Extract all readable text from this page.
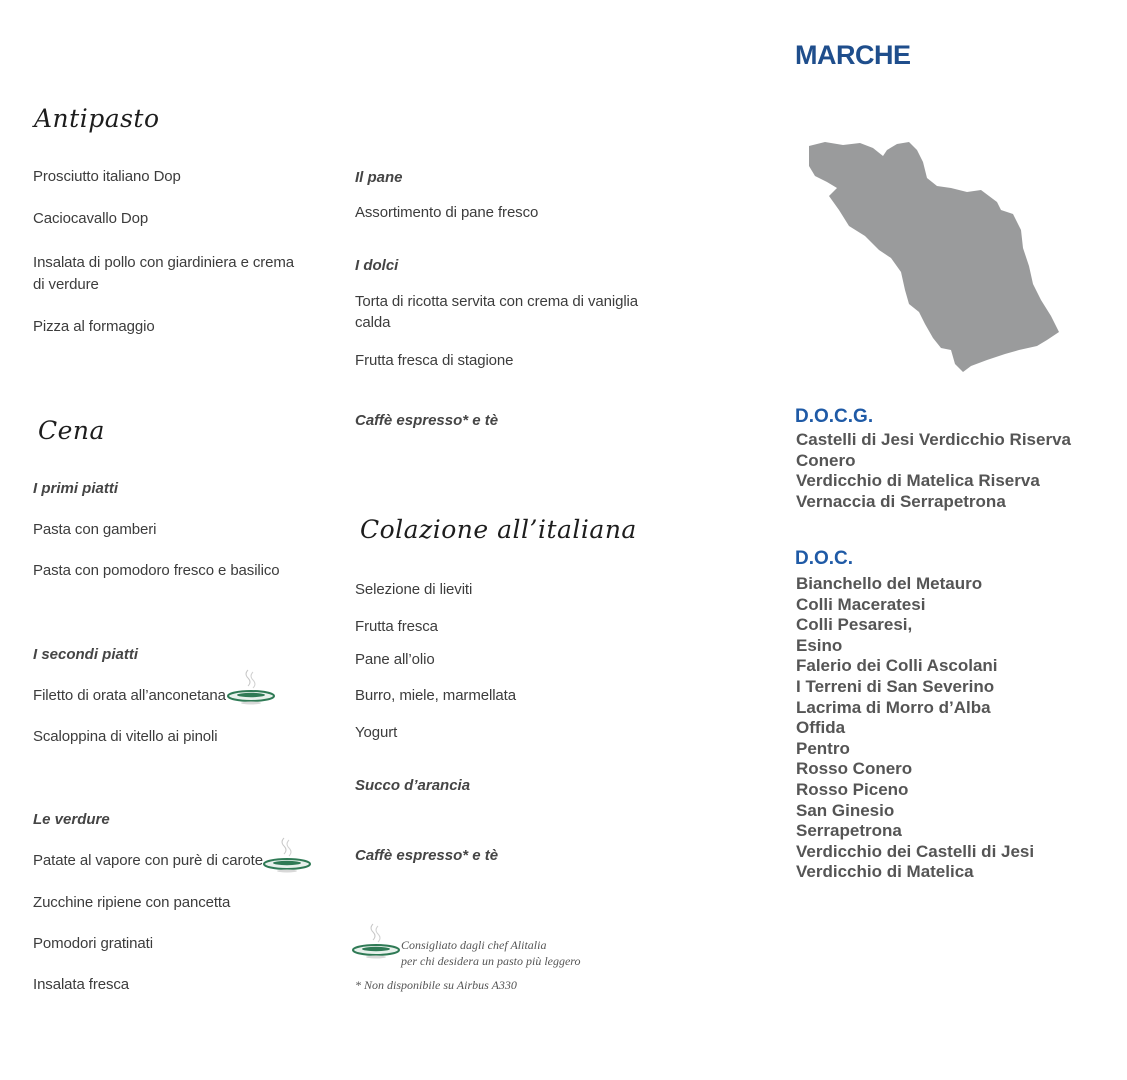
Antipasto
Prosciutto italiano Dop
Caciocavallo Dop
Insalata di pollo con giardiniera e crema di verdure
Pizza al formaggio
Cena
I primi piatti
Pasta con gamberi
Pasta con pomodoro fresco e basilico
I secondi piatti
Filetto di orata all’anconetana
Scaloppina di vitello ai pinoli
Le verdure
Patate al vapore con purè di carote
Zucchine ripiene con pancetta
Pomodori gratinati
Insalata fresca
Il pane
Assortimento di pane fresco
I dolci
Torta di ricotta servita con crema di vaniglia calda
Frutta fresca di stagione
Caffè espresso* e tè
Colazione all’italiana
Selezione di lieviti
Frutta fresca
Pane all’olio
Burro, miele, marmellata
Yogurt
Succo d’arancia
Caffè espresso* e tè
Consigliato dagli chef Alitalia
per chi desidera un pasto più leggero
* Non disponibile su Airbus A330
MARCHE
D.O.C.G.
Castelli di Jesi Verdicchio Riserva
Conero
Verdicchio di Matelica Riserva
Vernaccia di Serrapetrona
D.O.C.
Bianchello del Metauro
Colli Maceratesi
Colli Pesaresi,
Esino
Falerio dei Colli Ascolani
I Terreni di San Severino
Lacrima di Morro d’Alba
Offida
Pentro
Rosso Conero
Rosso Piceno
San Ginesio
Serrapetrona
Verdicchio dei Castelli di Jesi
Verdicchio di Matelica
